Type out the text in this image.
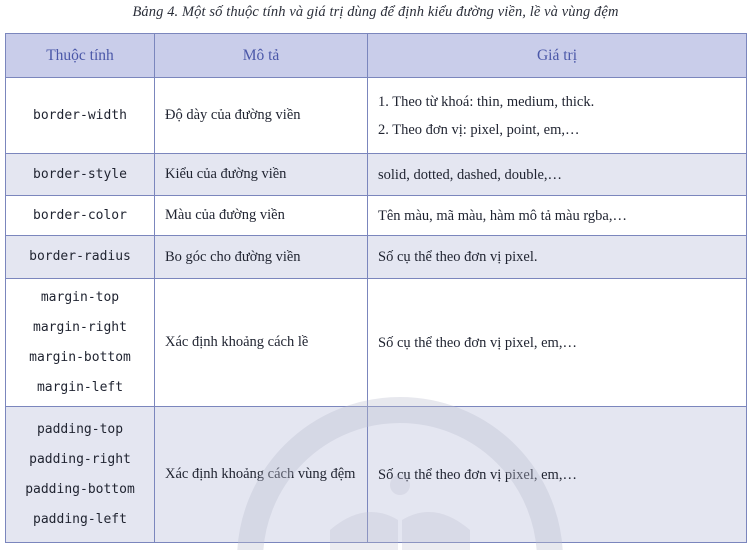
Bảng 4. Một số thuộc tính và giá trị dùng để định kiểu đường viền, lề và vùng đệm
Thuộc tính	Mô tả	Giá trị

border-width	Độ dày của đường viền	1. Theo từ khoá: thin, medium, thick.
2. Theo đơn vị: pixel, point, em,…

border-style	Kiểu của đường viền	solid, dotted, dashed, double,…

border-color	Màu của đường viền	Tên màu, mã màu, hàm mô tả màu rgba,…

border-radius	Bo góc cho đường viền	Số cụ thể theo đơn vị pixel.

margin-top
margin-right
margin-bottom
margin-left	Xác định khoảng cách lề	Số cụ thể theo đơn vị pixel, em,…

padding-top
padding-right
padding-bottom
padding-left	Xác định khoảng cách vùng đệm	Số cụ thể theo đơn vị pixel, em,…
